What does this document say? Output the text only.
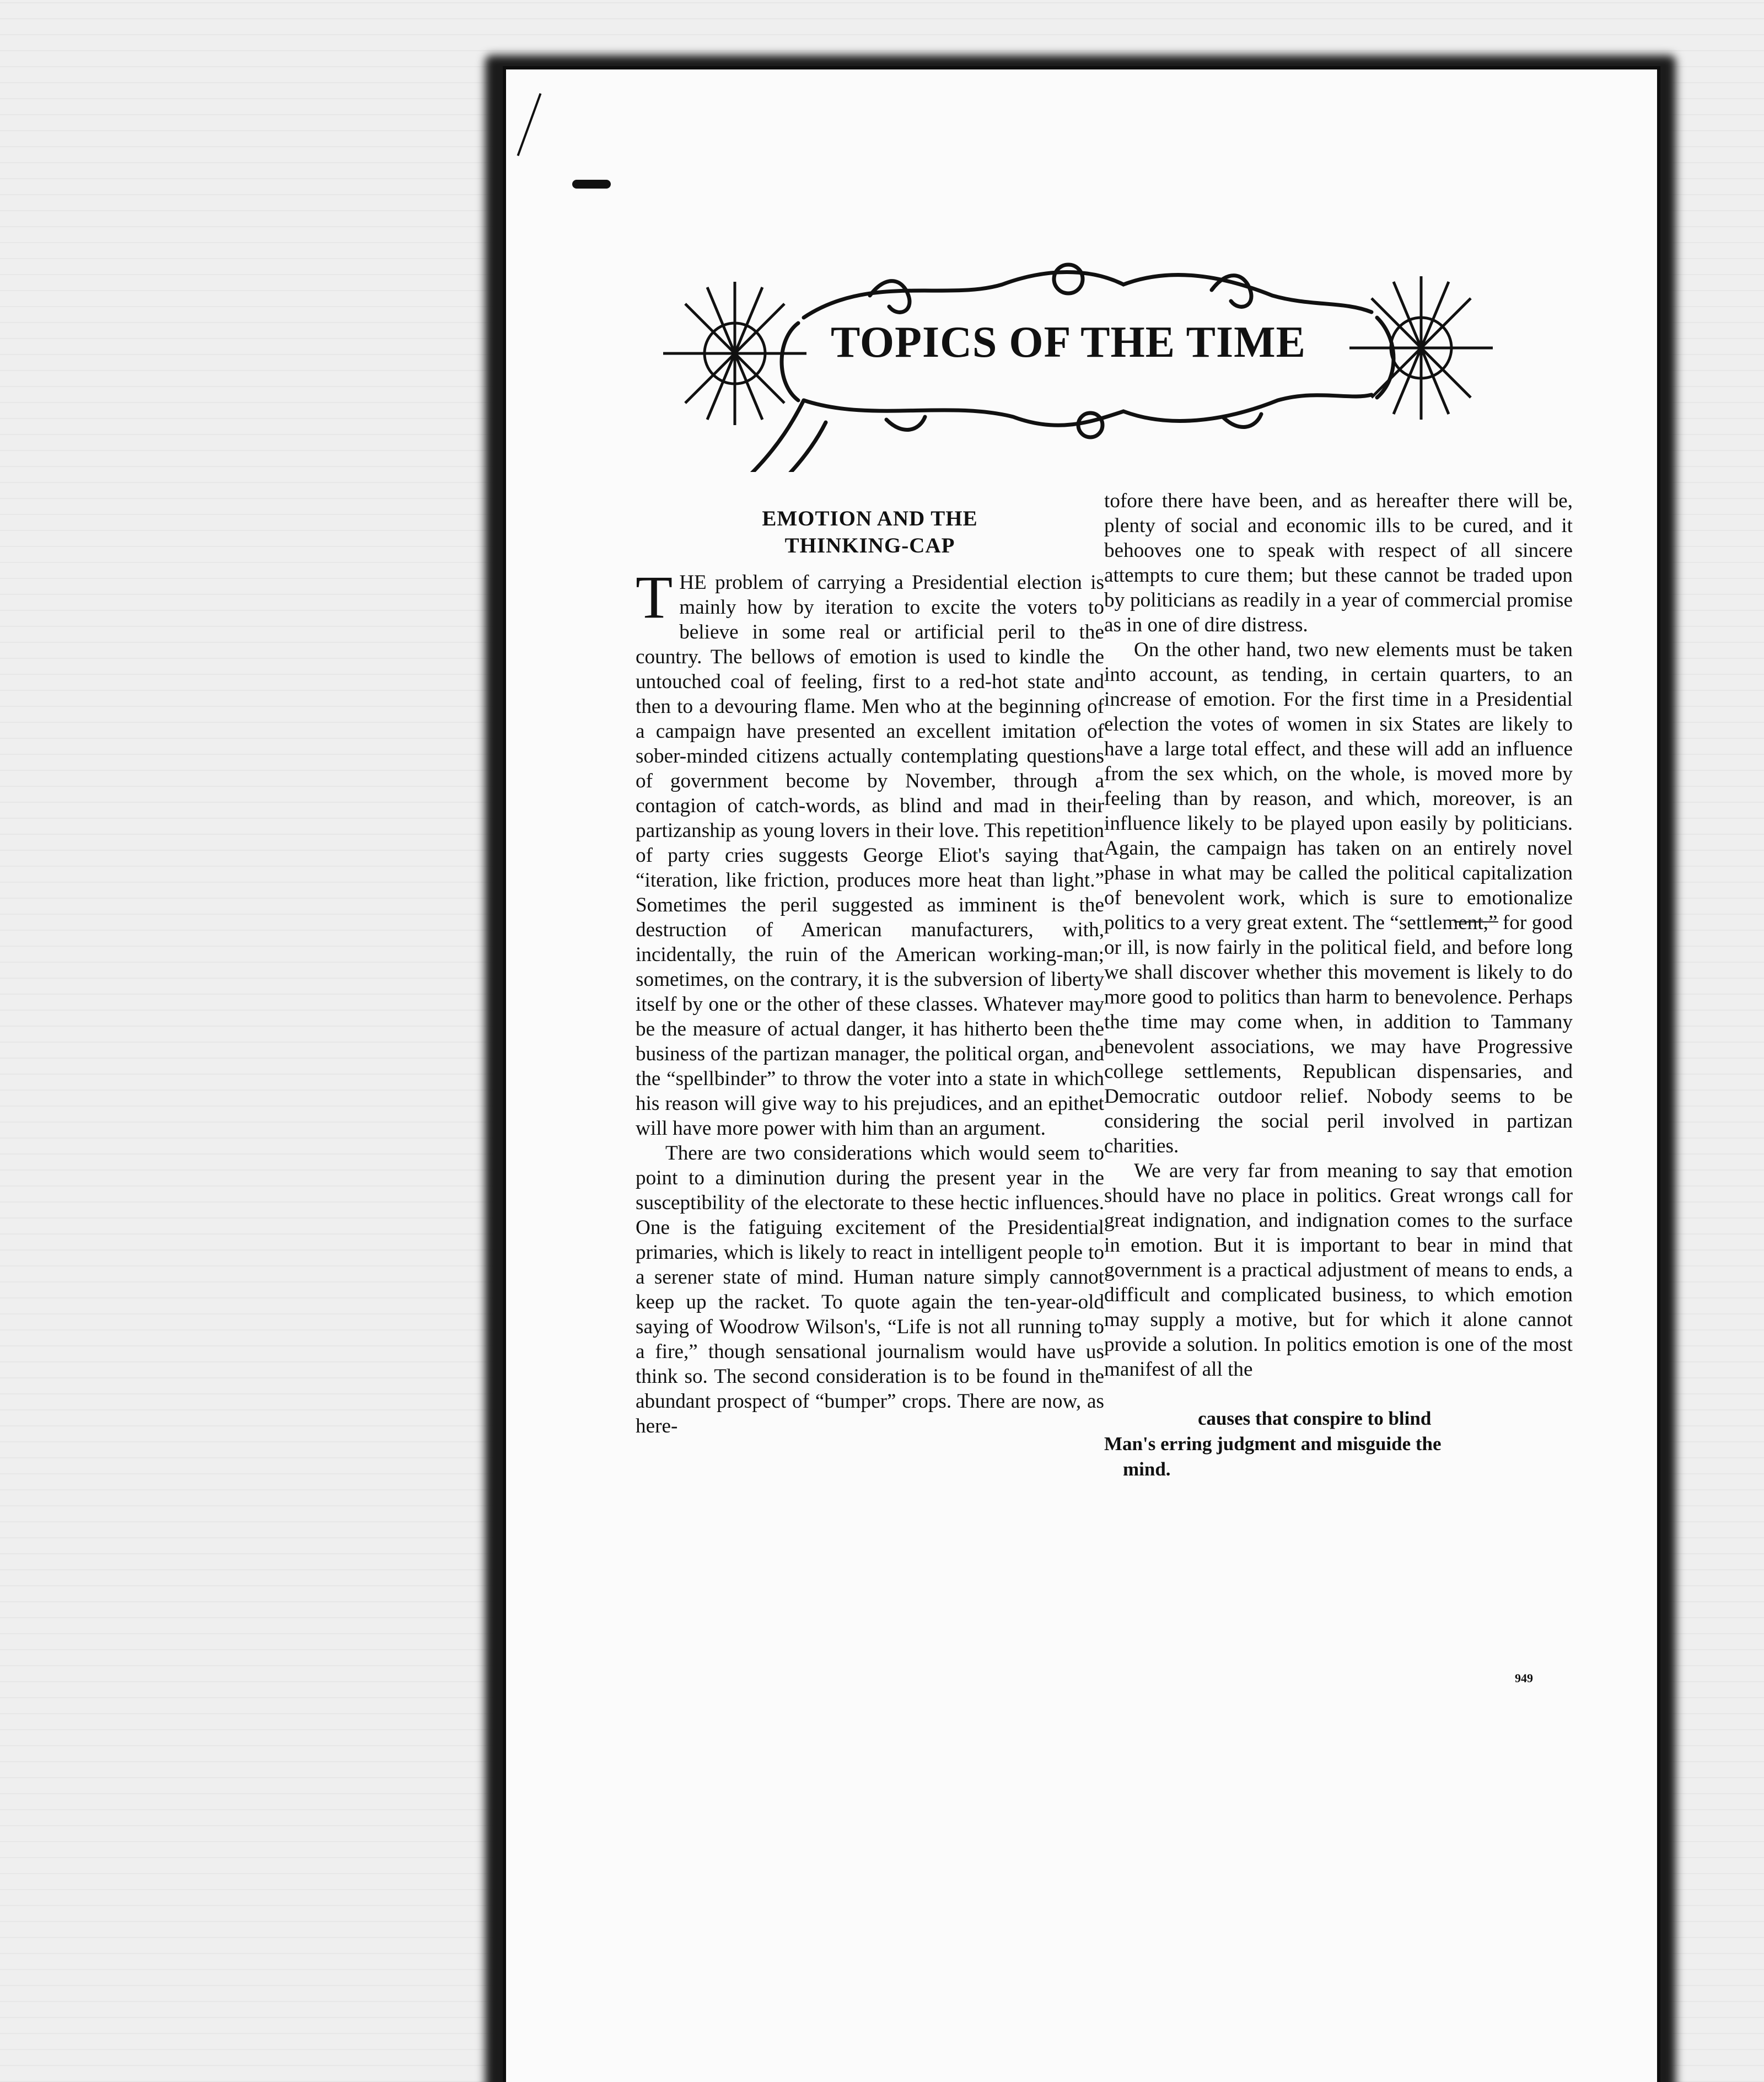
TOPICS OF THE TIME
EMOTION AND THE
THINKING-CAP

THE problem of carrying a Presidential election is mainly how by iteration to excite the voters to believe in some real or artificial peril to the country. The bellows of emotion is used to kindle the untouched coal of feeling, first to a red-hot state and then to a devouring flame. Men who at the beginning of a campaign have presented an excellent imitation of sober-minded citizens actually contemplating questions of government become by November, through a contagion of catch-words, as blind and mad in their partizanship as young lovers in their love. This repetition of party cries suggests George Eliot's saying that “iteration, like friction, produces more heat than light.” Sometimes the peril suggested as imminent is the destruction of American manufacturers, with, incidentally, the ruin of the American working-man; sometimes, on the contrary, it is the subversion of liberty itself by one or the other of these classes. Whatever may be the measure of actual danger, it has hitherto been the business of the partizan manager, the political organ, and the “spellbinder” to throw the voter into a state in which his reason will give way to his prejudices, and an epithet will have more power with him than an argument.

There are two considerations which would seem to point to a diminution during the present year in the susceptibility of the electorate to these hectic influences. One is the fatiguing excitement of the Presidential primaries, which is likely to react in intelligent people to a serener state of mind. Human nature simply cannot keep up the racket. To quote again the ten-year-old saying of Woodrow Wilson's, “Life is not all running to a fire,” though sensational journalism would have us think so. The second consideration is to be found in the abundant prospect of “bumper” crops. There are now, as here-

tofore there have been, and as hereafter there will be, plenty of social and economic ills to be cured, and it behooves one to speak with respect of all sincere attempts to cure them; but these cannot be traded upon by politicians as readily in a year of commercial promise as in one of dire distress.

On the other hand, two new elements must be taken into account, as tending, in certain quarters, to an increase of emotion. For the first time in a Presidential election the votes of women in six States are likely to have a large total effect, and these will add an influence from the sex which, on the whole, is moved more by feeling than by reason, and which, moreover, is an influence likely to be played upon easily by politicians. Again, the campaign has taken on an entirely novel phase in what may be called the political capitalization of benevolent work, which is sure to emotionalize politics to a very great extent. The “settlement,” for good or ill, is now fairly in the political field, and before long we shall discover whether this movement is likely to do more good to politics than harm to benevolence. Perhaps the time may come when, in addition to Tammany benevolent associations, we may have Progressive college settlements, Republican dispensaries, and Democratic outdoor relief. Nobody seems to be considering the social peril involved in partizan charities.

We are very far from meaning to say that emotion should have no place in politics. Great wrongs call for great indignation, and indignation comes to the surface in emotion. But it is important to bear in mind that government is a practical adjustment of means to ends, a difficult and complicated business, to which emotion may supply a motive, but for which it alone cannot provide a solution. In politics emotion is one of the most manifest of all the

causes that conspire to blind
Man's erring judgment and misguide the
mind.
949
